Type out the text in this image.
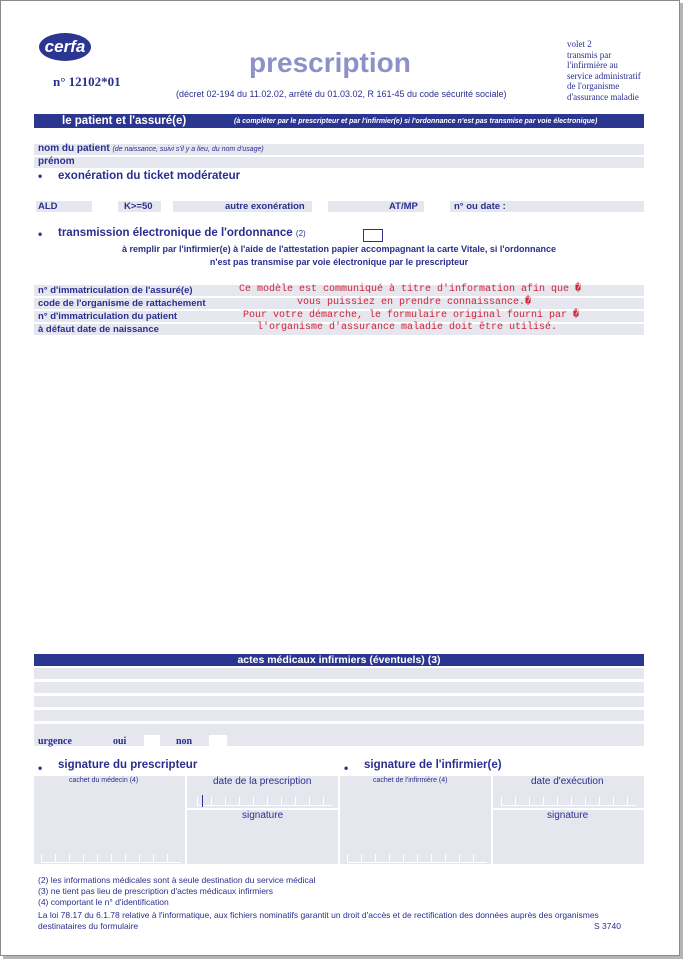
cerfa
n° 12102*01
prescription
(décret 02-194 du 11.02.02, arrêté du 01.03.02, R 161-45 du code sécurité sociale)
volet 2
transmis par
l'infirmière au
service administratif
de l'organisme
d'assurance maladie
le patient et l'assuré(e)	(à compléter par le prescripteur et par l'infirmier(e) si l'ordonnance n'est pas transmise par voie électronique)
nom du patient (de naissance, suivi s'il y a lieu, du nom d'usage)
prénom
• exonération du ticket modérateur
ALD	K>=50	autre exonération	AT/MP	n° ou date :
• transmission électronique de l'ordonnance (2)
à remplir par l'infirmier(e) à l'aide de l'attestation papier accompagnant la carte Vitale, si l'ordonnance
n'est pas transmise par voie électronique par le prescripteur
n° d'immatriculation de l'assuré(e)
code de l'organisme de rattachement
n° d'immatriculation du patient
à défaut date de naissance
Ce modèle est communiqué à titre d'information afin que �
vous puissiez en prendre connaissance.�
Pour votre démarche, le formulaire original fourni par �
l'organisme d'assurance maladie doit être utilisé.
actes médicaux infirmiers (éventuels) (3)
urgence	oui	non
• signature du prescripteur	• signature de l'infirmier(e)
cachet du médecin (4)	date de la prescription
signature
cachet de l'infirmière (4)	date d'exécution
signature
(2) les informations médicales sont à seule destination du service médical
(3) ne tient pas lieu de prescription d'actes médicaux infirmiers
(4) comportant le n° d'identification
La loi 78.17 du 6.1.78 relative à l'informatique, aux fichiers nominatifs garantit un droit d'accès et de rectification des données auprès des organismes
destinataires du formulaire	S 3740
